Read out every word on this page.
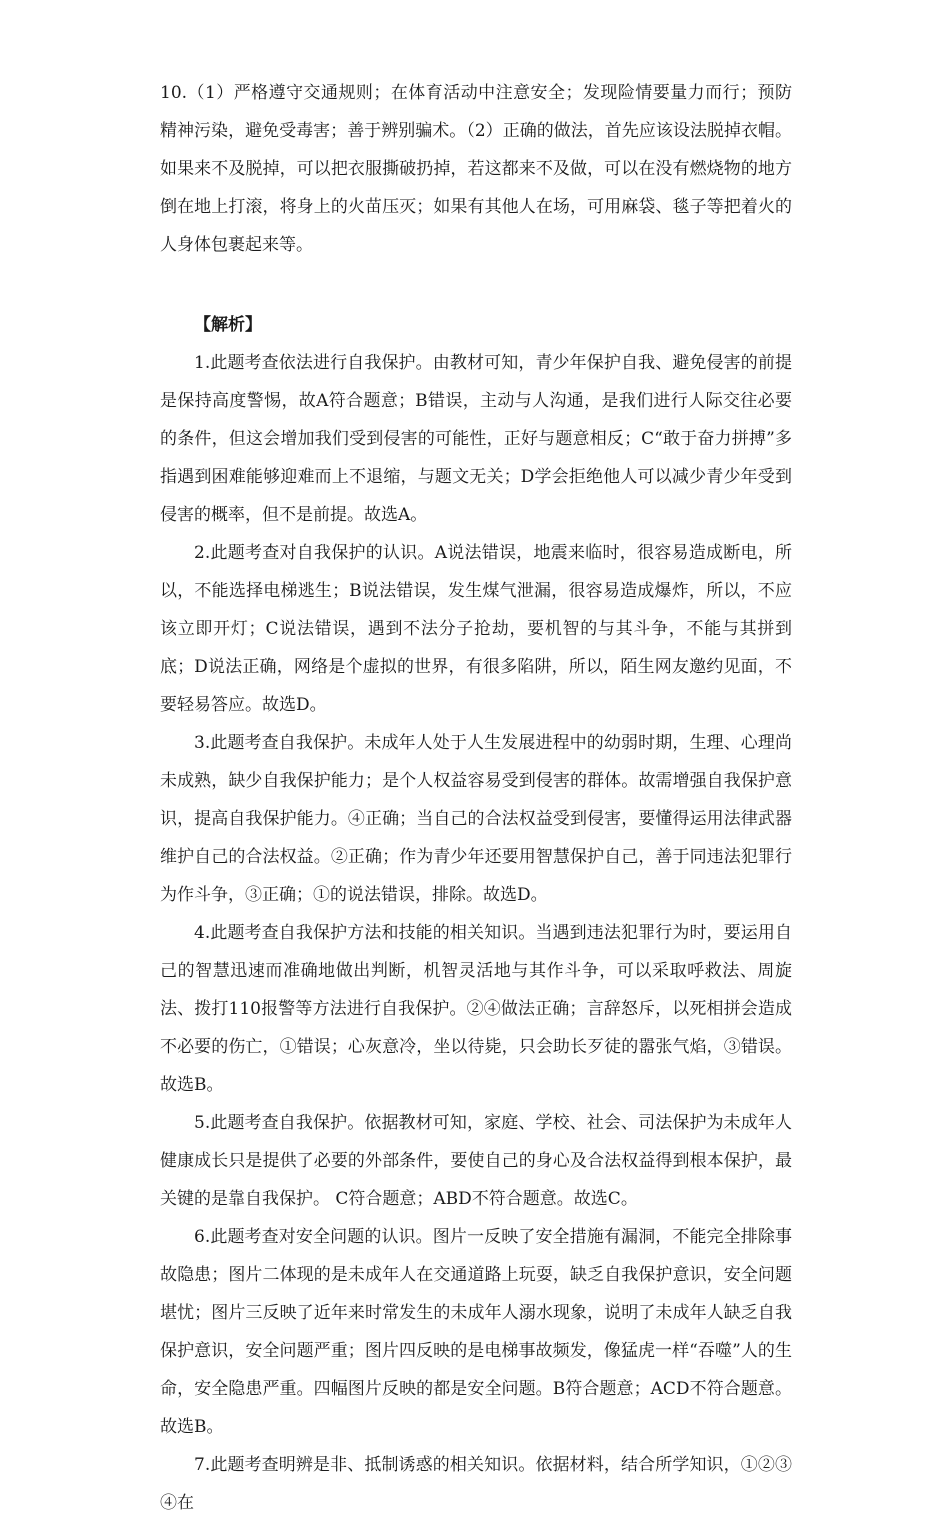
10.（1）严格遵守交通规则；在体育活动中注意安全；发现险情要量力而行；预防精神污染，避免受毒害；善于辨别骗术。（2）正确的做法，首先应该设法脱掉衣帽。如果来不及脱掉，可以把衣服撕破扔掉，若这都来不及做，可以在没有燃烧物的地方倒在地上打滚，将身上的火苗压灭；如果有其他人在场，可用麻袋、毯子等把着火的人身体包裹起来等。

【解析】

1.此题考查依法进行自我保护。由教材可知，青少年保护自我、避免侵害的前提是保持高度警惕，故A符合题意；B错误，主动与人沟通，是我们进行人际交往必要的条件，但这会增加我们受到侵害的可能性，正好与题意相反；C“敢于奋力拼搏”多指遇到困难能够迎难而上不退缩，与题文无关；D学会拒绝他人可以减少青少年受到侵害的概率，但不是前提。故选A。

2.此题考查对自我保护的认识。A说法错误，地震来临时，很容易造成断电，所以，不能选择电梯逃生；B说法错误，发生煤气泄漏，很容易造成爆炸，所以，不应该立即开灯；C说法错误，遇到不法分子抢劫，要机智的与其斗争，不能与其拼到底；D说法正确，网络是个虚拟的世界，有很多陷阱，所以，陌生网友邀约见面，不要轻易答应。故选D。

3.此题考查自我保护。未成年人处于人生发展进程中的幼弱时期，生理、心理尚未成熟，缺少自我保护能力；是个人权益容易受到侵害的群体。故需增强自我保护意识，提高自我保护能力。④正确；当自己的合法权益受到侵害，要懂得运用法律武器维护自己的合法权益。②正确；作为青少年还要用智慧保护自己，善于同违法犯罪行为作斗争，③正确；①的说法错误，排除。故选D。

4.此题考查自我保护方法和技能的相关知识。当遇到违法犯罪行为时，要运用自己的智慧迅速而准确地做出判断，机智灵活地与其作斗争，可以采取呼救法、周旋法、拨打110报警等方法进行自我保护。②④做法正确；言辞怒斥，以死相拼会造成不必要的伤亡，①错误；心灰意冷，坐以待毙，只会助长歹徒的嚣张气焰，③错误。故选B。

5.此题考查自我保护。依据教材可知，家庭、学校、社会、司法保护为未成年人健康成长只是提供了必要的外部条件，要使自己的身心及合法权益得到根本保护，最关键的是靠自我保护。 C符合题意；ABD不符合题意。故选C。

6.此题考查对安全问题的认识。图片一反映了安全措施有漏洞，不能完全排除事故隐患；图片二体现的是未成年人在交通道路上玩耍，缺乏自我保护意识，安全问题堪忧；图片三反映了近年来时常发生的未成年人溺水现象，说明了未成年人缺乏自我保护意识，安全问题严重；图片四反映的是电梯事故频发，像猛虎一样“吞噬”人的生命，安全隐患严重。四幅图片反映的都是安全问题。B符合题意；ACD不符合题意。故选B。

7.此题考查明辨是非、抵制诱惑的相关知识。依据材料，结合所学知识，①②③④在
